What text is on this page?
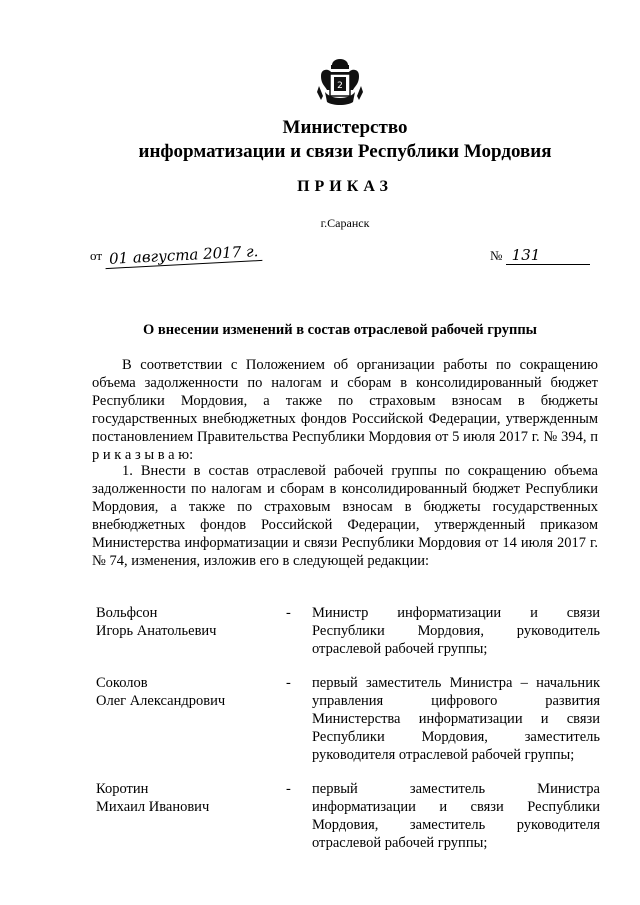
2
Министерство
информатизации и связи Республики Мордовия
ПРИКАЗ
г.Саранск
от 01 августа 2017 г.	№ 131
О внесении изменений в состав отраслевой рабочей группы
В соответствии с Положением об организации работы по сокращению объема задолженности по налогам и сборам в консолидированный бюджет Республики Мордовия, а также по страховым взносам в бюджеты государственных внебюджетных фондов Российской Федерации, утвержденным постановлением Правительства Республики Мордовия от 5 июля 2017 г. № 394, п р и к а з ы в а ю:
1. Внести в состав отраслевой рабочей группы по сокращению объема задолженности по налогам и сборам в консолидированный бюджет Республики Мордовия, а также по страховым взносам в бюджеты государственных внебюджетных фондов Российской Федерации, утвержденный приказом Министерства информатизации и связи Республики Мордовия от 14 июля 2017 г. № 74, изменения, изложив его в следующей редакции:
Вольфсон
Игорь Анатольевич
-	Министр информатизации и связи Республики Мордовия, руководитель отраслевой рабочей группы;
Соколов
Олег Александрович
-	первый заместитель Министра – начальник управления цифрового развития Министерства информатизации и связи Республики Мордовия, заместитель руководителя отраслевой рабочей группы;
Коротин
Михаил Иванович
-	первый заместитель Министра информатизации и связи Республики Мордовия, заместитель руководителя отраслевой рабочей группы;
